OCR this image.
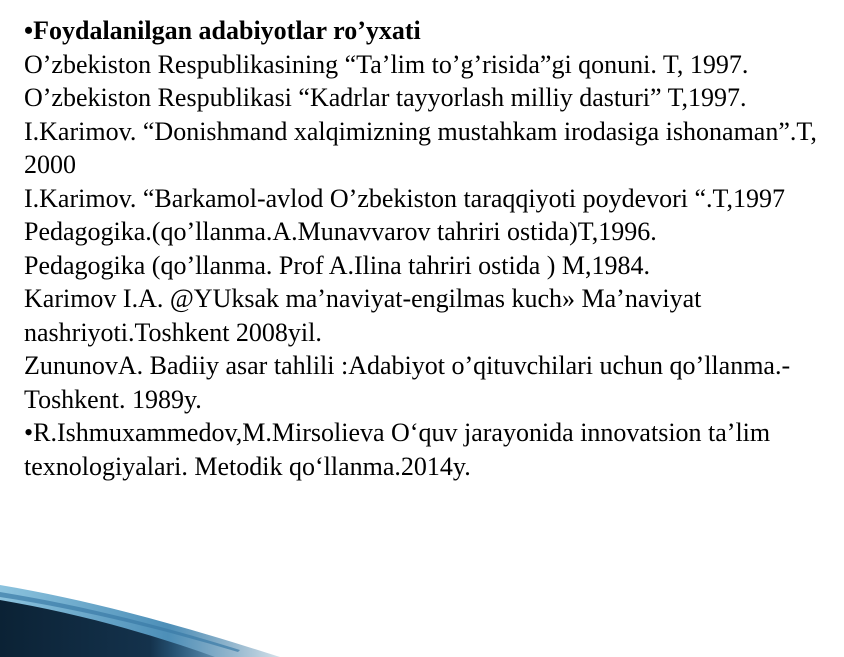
•Foydalanilgan adabiyotlar ro’yxati

O’zbekiston Respublikasining “Ta’lim to’g’risida”gi qonuni. T, 1997.

O’zbekiston Respublikasi “Kadrlar tayyorlash milliy dasturi” T,1997.

I.Karimov. “Donishmand xalqimizning mustahkam irodasiga ishonaman”.T, 2000

I.Karimov. “Barkamol-avlod O’zbekiston taraqqiyoti poydevori “.T,1997

Pedagogika.(qo’llanma.A.Munavvarov tahriri ostida)T,1996.

Pedagogika (qo’llanma. Prof A.Ilina tahriri ostida ) M,1984.

Karimov I.A. @YUksak ma’naviyat-engilmas kuch» Ma’naviyat nashriyoti.Toshkent 2008yil.

ZununovA. Badiiy asar tahlili :Adabiyot o’qituvchilari uchun qo’llanma.- Toshkent. 1989y.

•R.Ishmuxammedov,M.Mirsolieva O‘quv jarayonida innovatsion ta’lim texnologiyalari. Metodik qo‘llanma.2014y.
